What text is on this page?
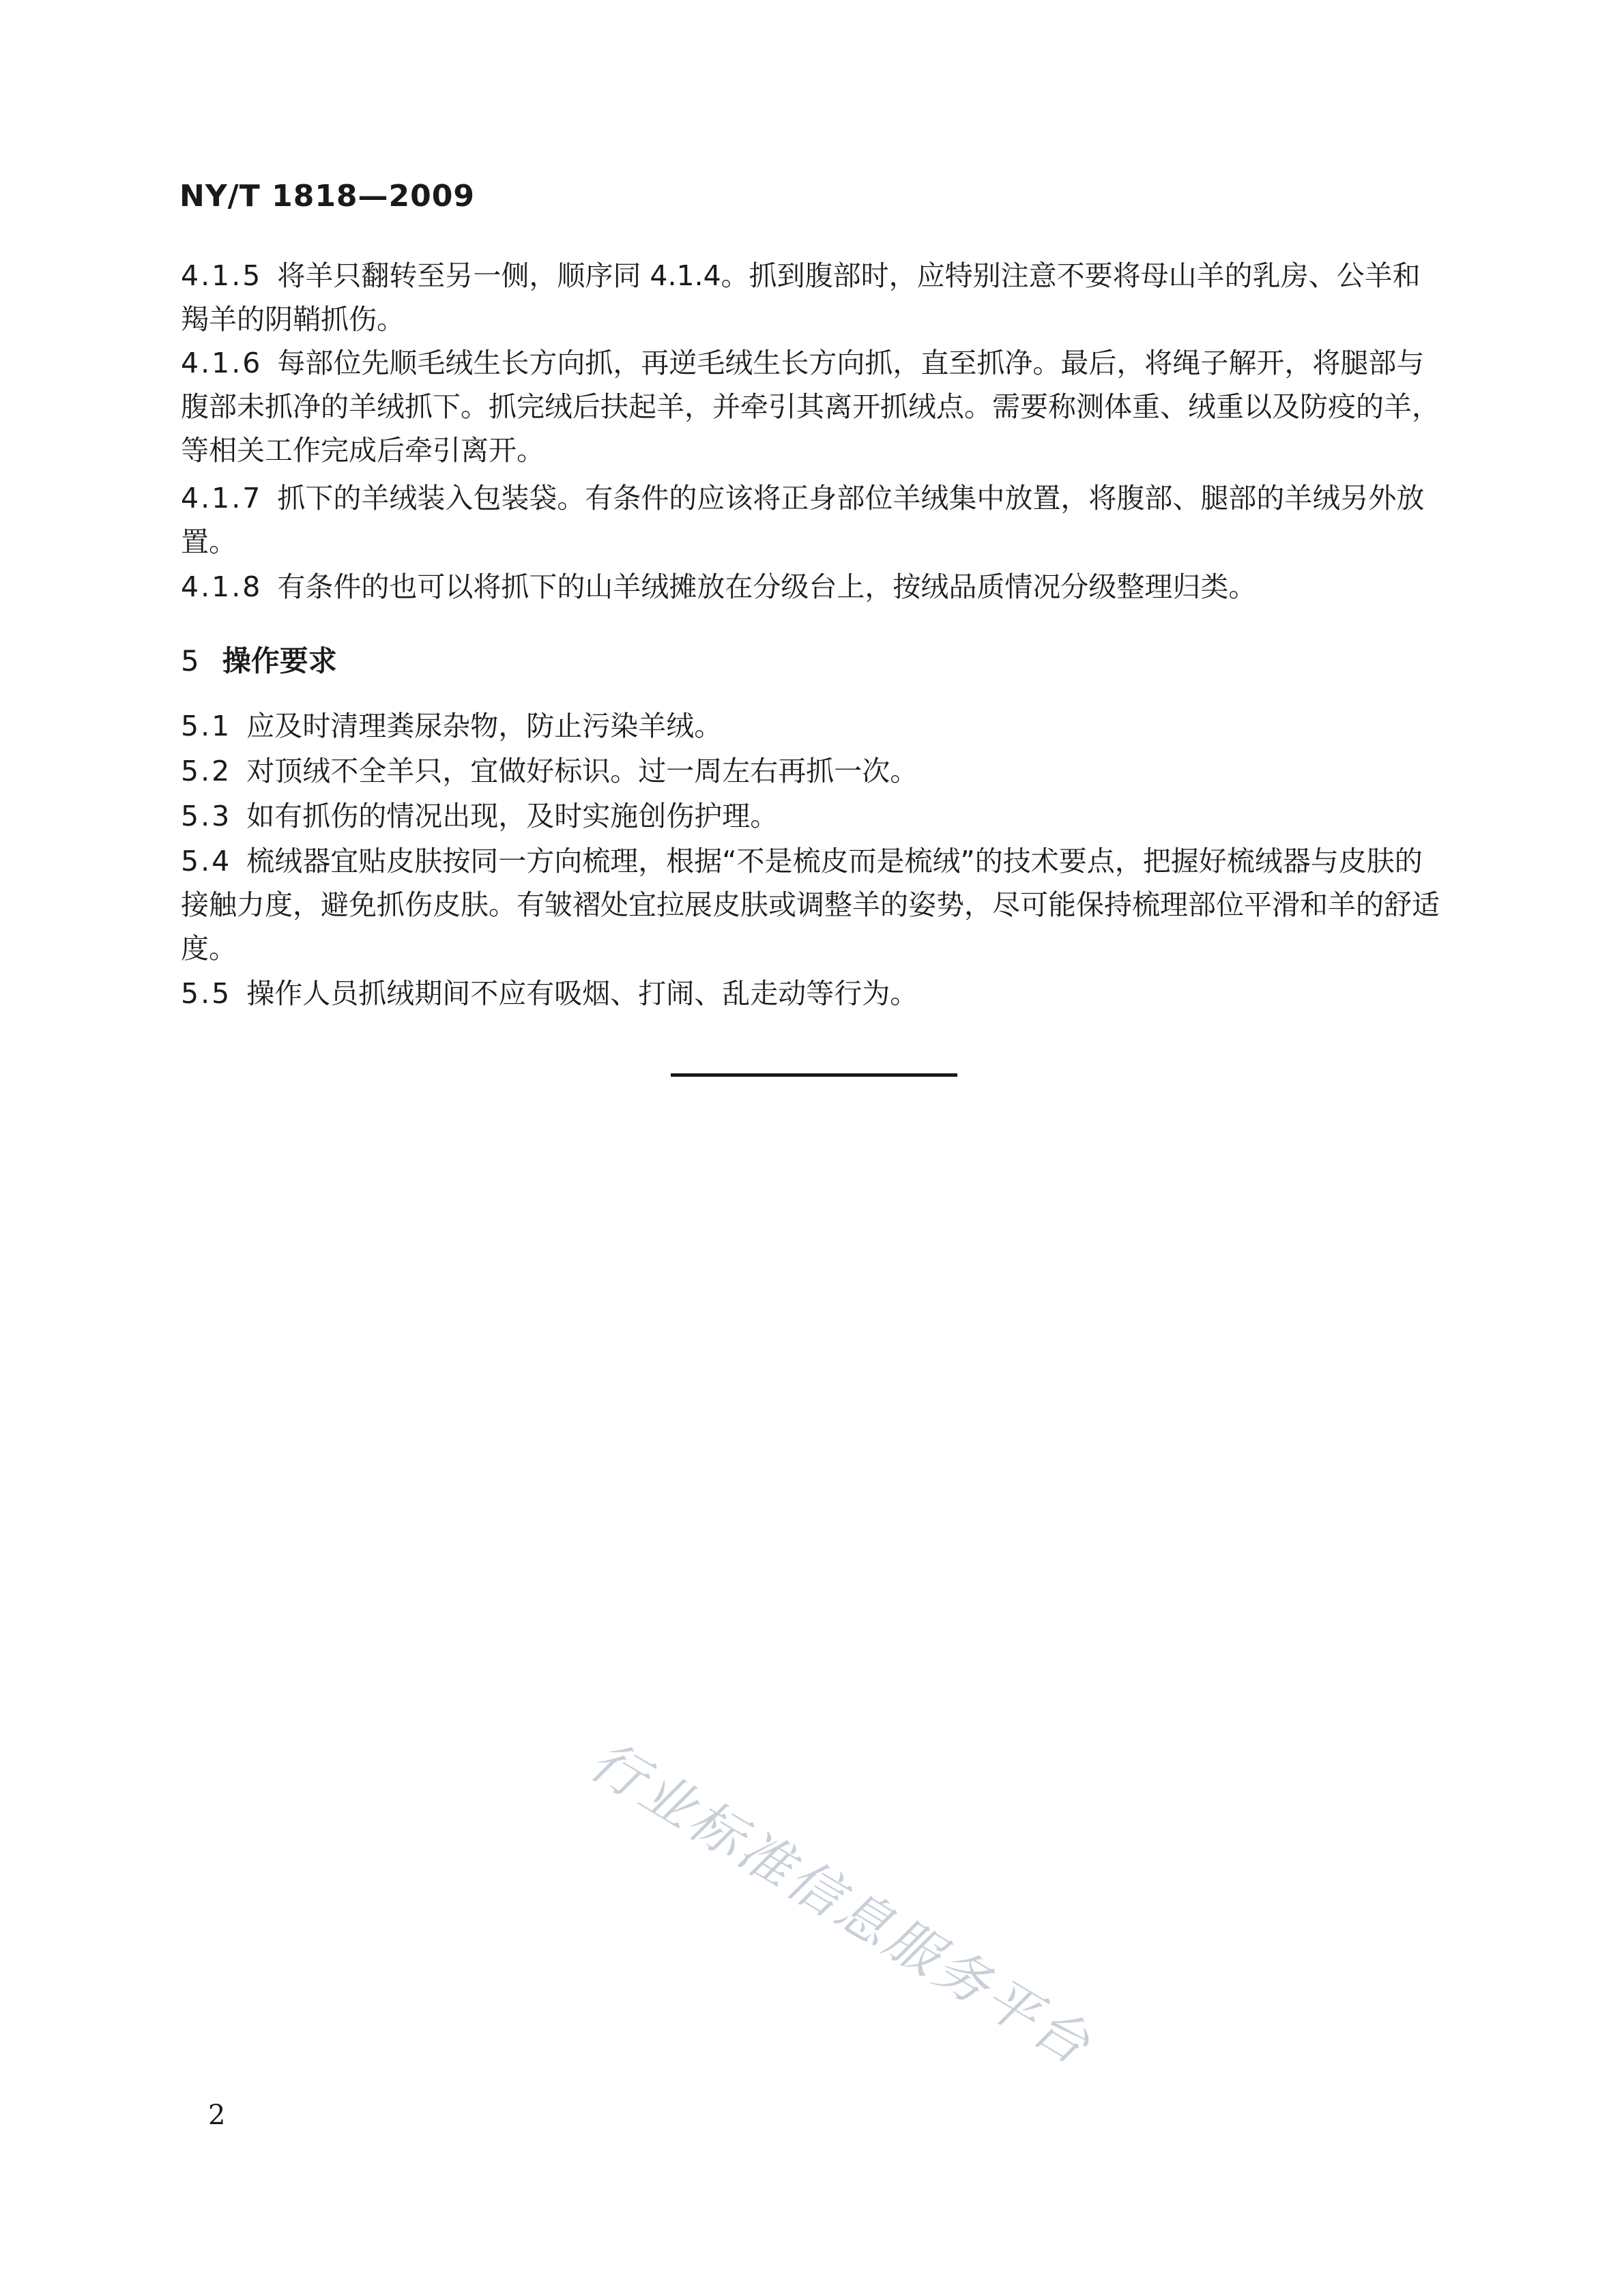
NY/T 1818—2009
4.1.5 将羊只翻转至另一侧，顺序同 4.1.4。抓到腹部时，应特别注意不要将母山羊的乳房、公羊和羯羊的阴鞘抓伤。
4.1.6 每部位先顺毛绒生长方向抓，再逆毛绒生长方向抓，直至抓净。最后，将绳子解开，将腿部与腹部未抓净的羊绒抓下。抓完绒后扶起羊，并牵引其离开抓绒点。需要称测体重、绒重以及防疫的羊，等相关工作完成后牵引离开。
4.1.7 抓下的羊绒装入包装袋。有条件的应该将正身部位羊绒集中放置，将腹部、腿部的羊绒另外放置。
4.1.8 有条件的也可以将抓下的山羊绒摊放在分级台上，按绒品质情况分级整理归类。
5 操作要求
5.1 应及时清理粪尿杂物，防止污染羊绒。
5.2 对顶绒不全羊只，宜做好标识。过一周左右再抓一次。
5.3 如有抓伤的情况出现，及时实施创伤护理。
5.4 梳绒器宜贴皮肤按同一方向梳理，根据“不是梳皮而是梳绒”的技术要点，把握好梳绒器与皮肤的接触力度，避免抓伤皮肤。有皱褶处宜拉展皮肤或调整羊的姿势，尽可能保持梳理部位平滑和羊的舒适度。
5.5 操作人员抓绒期间不应有吸烟、打闹、乱走动等行为。
行业标准信息服务平台
2
